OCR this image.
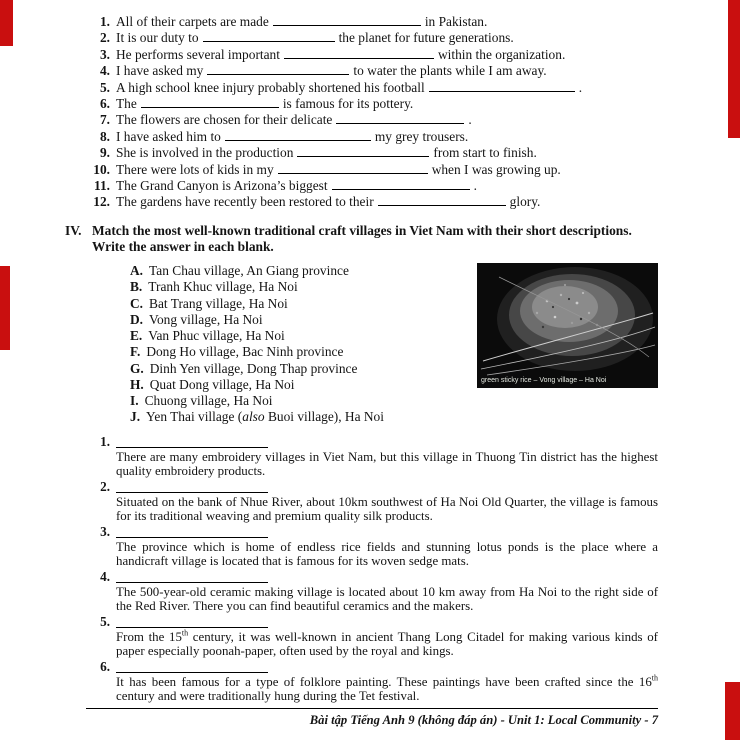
1. All of their carpets are made	in Pakistan.
2. It is our duty to	the planet for future generations.
3. He performs several important	within the organization.
4. I have asked my	to water the plants while I am away.
5. A high school knee injury probably shortened his football	.
6. The	is famous for its pottery.
7. The flowers are chosen for their delicate	.
8. I have asked him to	my grey trousers.
9. She is involved in the production	from start to finish.
10. There were lots of kids in my	when I was growing up.
11. The Grand Canyon is Arizona’s biggest	.
12. The gardens have recently been restored to their	glory.
IV. Match the most well-known traditional craft villages in Viet Nam with their short descriptions. Write the answer in each blank.
green sticky rice – Vong village – Ha Noi
A. Tan Chau village, An Giang province
B. Tranh Khuc village, Ha Noi
C. Bat Trang village, Ha Noi
D. Vong village, Ha Noi
E. Van Phuc village, Ha Noi
F. Dong Ho village, Bac Ninh province
G. Dinh Yen village, Dong Thap province
H. Quat Dong village, Ha Noi
I. Chuong village, Ha Noi
J. Yen Thai village (also Buoi village), Ha Noi
1.

There are many embroidery villages in Viet Nam, but this village in Thuong Tin district has the highest quality embroidery products.

2.

Situated on the bank of Nhue River, about 10km southwest of Ha Noi Old Quarter, the village is famous for its traditional weaving and premium quality silk products.

3.

The province which is home of endless rice fields and stunning lotus ponds is the place where a handicraft village is located that is famous for its woven sedge mats.

4.

The 500-year-old ceramic making village is located about 10 km away from Ha Noi to the right side of the Red River. There you can find beautiful ceramics and the makers.

5.

From the 15th century, it was well-known in ancient Thang Long Citadel for making various kinds of paper especially poonah-paper, often used by the royal and kings.

6.

It has been famous for a type of folklore painting. These paintings have been crafted since the 16th century and were traditionally hung during the Tet festival.

Bài tập Tiếng Anh 9 (không đáp án) - Unit 1: Local Community - 7
